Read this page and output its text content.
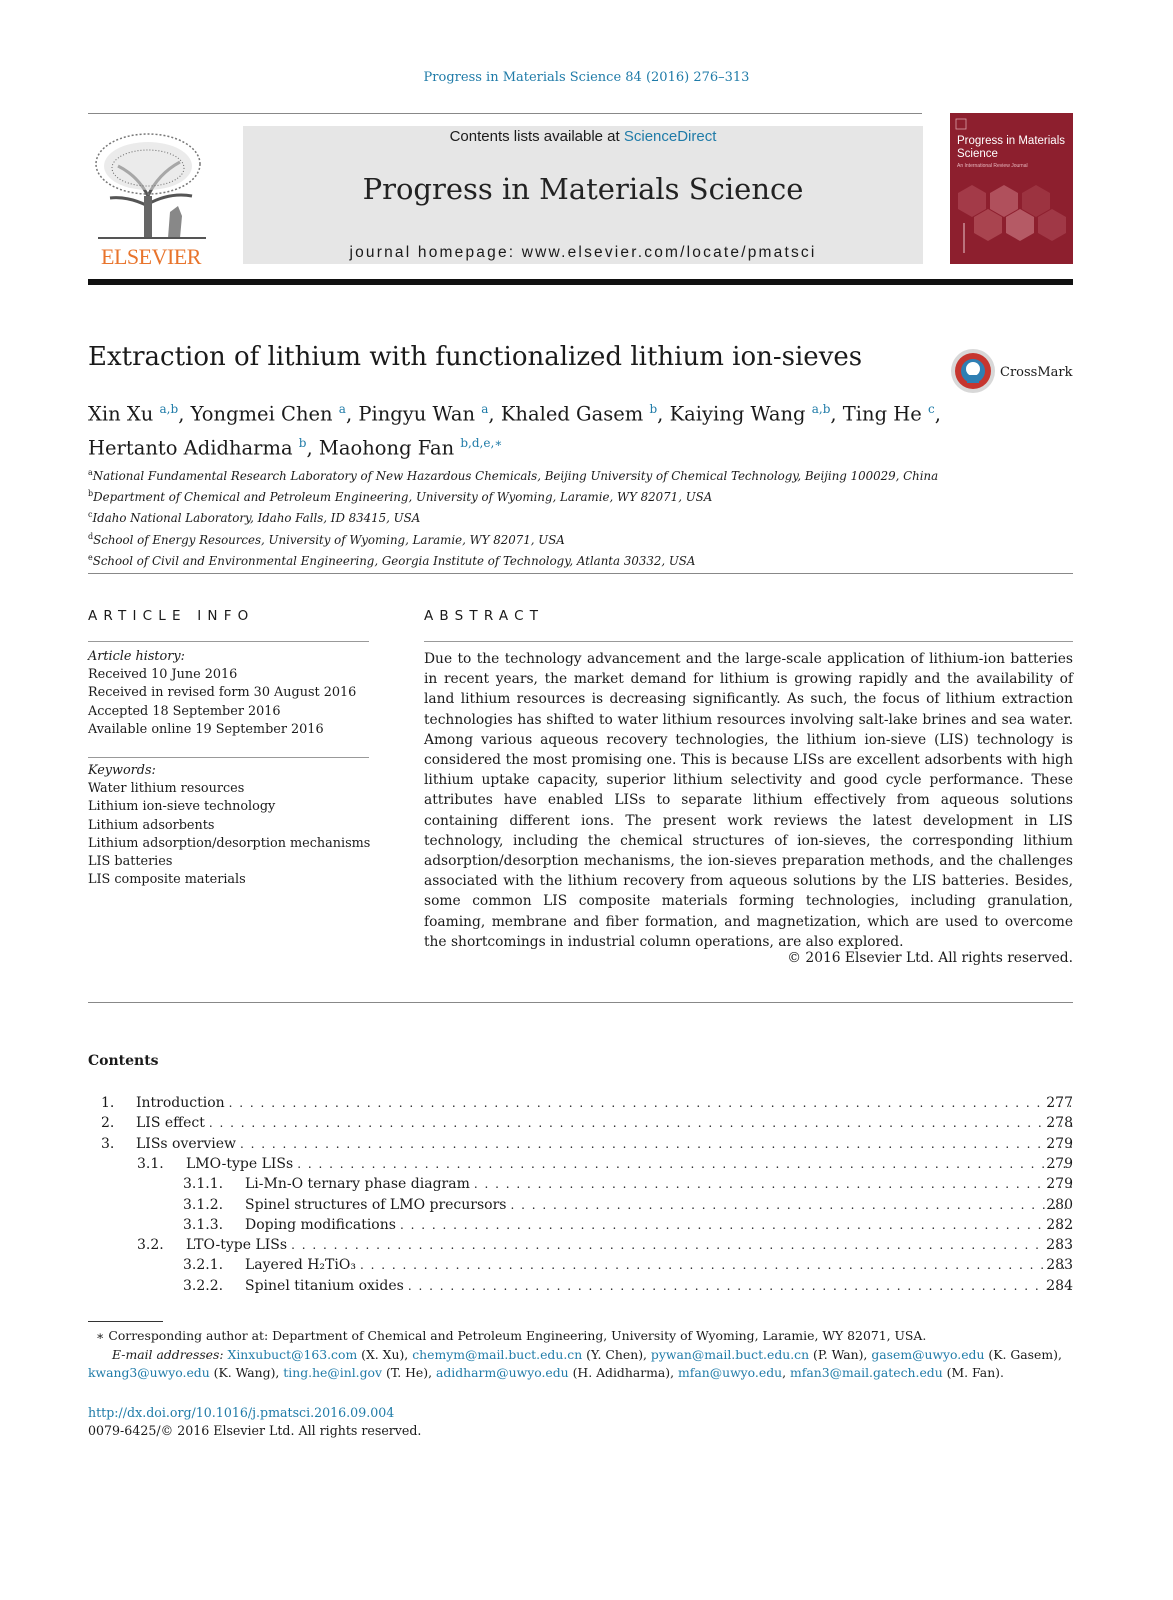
Progress in Materials Science 84 (2016) 276–313
ELSEVIER
Contents lists available at ScienceDirect
Progress in Materials Science
journal homepage: www.elsevier.com/locate/pmatsci
Progress in Materials Science
An International Review Journal
Extraction of lithium with functionalized lithium ion-sieves
CrossMark
Xin Xu $^{a,b}$, Yongmei Chen $^a$, Pingyu Wan $^a$, Khaled Gasem $^b$, Kaiying Wang $^{a,b}$, Ting He $^c$,
Hertanto Adidharma $^b$, Maohong Fan $^{b,d,e,∗}$
$^a$National Fundamental Research Laboratory of New Hazardous Chemicals, Beijing University of Chemical Technology, Beijing 100029, China
$^b$Department of Chemical and Petroleum Engineering, University of Wyoming, Laramie, WY 82071, USA
$^c$Idaho National Laboratory, Idaho Falls, ID 83415, USA
$^d$School of Energy Resources, University of Wyoming, Laramie, WY 82071, USA
$^e$School of Civil and Environmental Engineering, Georgia Institute of Technology, Atlanta 30332, USA
ARTICLE INFO	ABSTRACT
Article history:
Received 10 June 2016
Received in revised form 30 August 2016
Accepted 18 September 2016
Available online 19 September 2016
Keywords:
Water lithium resources
Lithium ion-sieve technology
Lithium adsorbents
Lithium adsorption/desorption mechanisms
LIS batteries
LIS composite materials
Due to the technology advancement and the large-scale application of lithium-ion batteries in recent years, the market demand for lithium is growing rapidly and the availability of land lithium resources is decreasing significantly. As such, the focus of lithium extraction technologies has shifted to water lithium resources involving salt-lake brines and sea water. Among various aqueous recovery technologies, the lithium ion-sieve (LIS) technology is considered the most promising one. This is because LISs are excellent adsorbents with high lithium uptake capacity, superior lithium selectivity and good cycle performance. These attributes have enabled LISs to separate lithium effectively from aqueous solutions containing different ions. The present work reviews the latest development in LIS technology, including the chemical structures of ion-sieves, the corresponding lithium adsorption/desorption mechanisms, the ion-sieves preparation methods, and the challenges associated with the lithium recovery from aqueous solutions by the LIS batteries. Besides, some common LIS composite materials forming technologies, including granulation, foaming, membrane and fiber formation, and magnetization, which are used to overcome the shortcomings in industrial column operations, are also explored.
© 2016 Elsevier Ltd. All rights reserved.
Contents
1.	Introduction . . .	277
2.	LIS effect . . .	278
3.	LISs overview . . .	279
3.1.	LMO-type LISs . . .	279
3.1.1.	Li-Mn-O ternary phase diagram . . .	279
3.1.2.	Spinel structures of LMO precursors . . .	280
3.1.3.	Doping modifications . . .	282
3.2.	LTO-type LISs . . .	283
3.2.1.	Layered H₂TiO₃ . . .	283
3.2.2.	Spinel titanium oxides . . .	284
∗ Corresponding author at: Department of Chemical and Petroleum Engineering, University of Wyoming, Laramie, WY 82071, USA.
E-mail addresses: Xinxubuct@163.com (X. Xu), chemym@mail.buct.edu.cn (Y. Chen), pywan@mail.buct.edu.cn (P. Wan), gasem@uwyo.edu (K. Gasem), kwang3@uwyo.edu (K. Wang), ting.he@inl.gov (T. He), adidharm@uwyo.edu (H. Adidharma), mfan@uwyo.edu, mfan3@mail.gatech.edu (M. Fan).
http://dx.doi.org/10.1016/j.pmatsci.2016.09.004
0079-6425/© 2016 Elsevier Ltd. All rights reserved.
